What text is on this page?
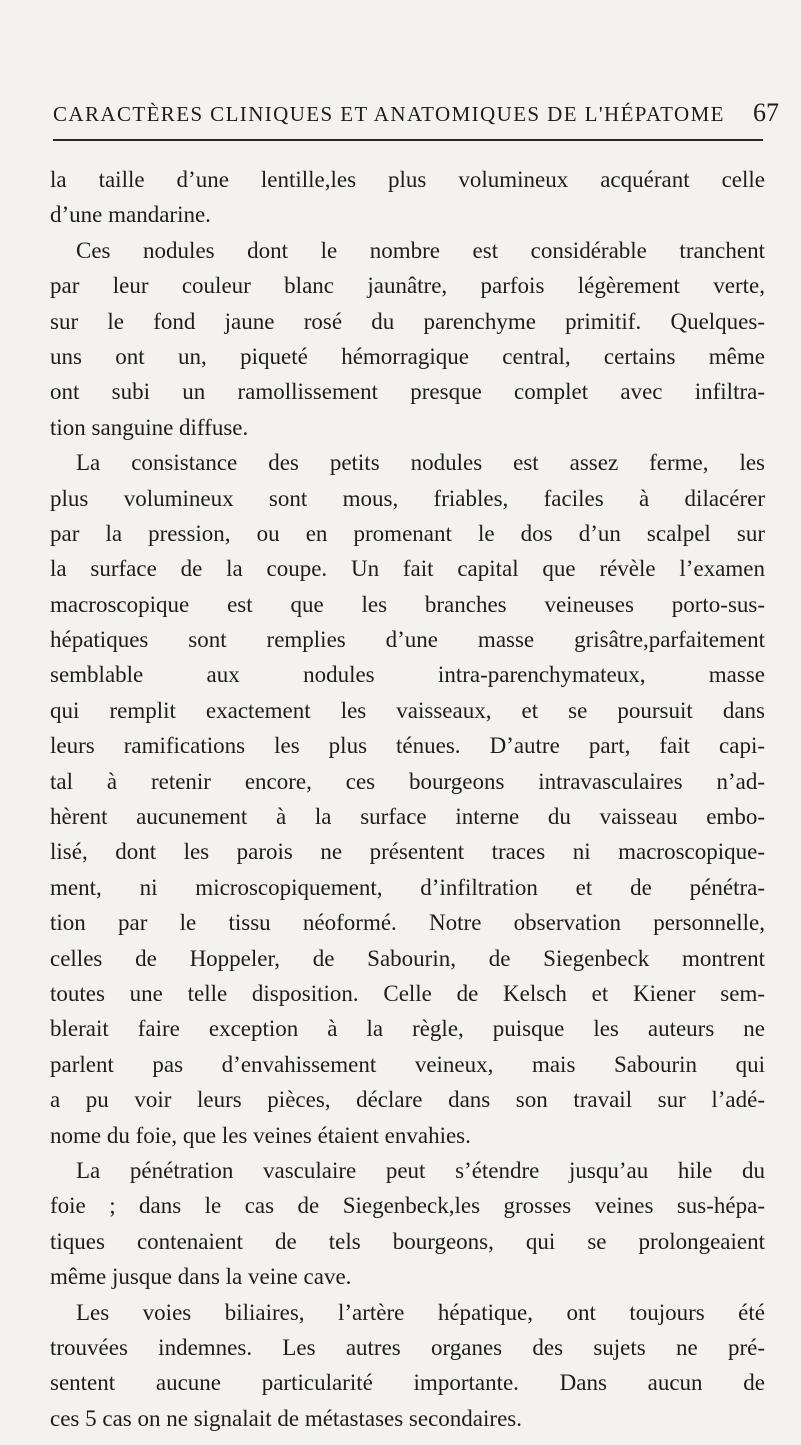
CARACTÈRES CLINIQUES ET ANATOMIQUES DE L'HÉPATOME 67
la taille d’une lentille,les plus volumineux acquérant celle
d’une mandarine.
Ces nodules dont le nombre est considérable tranchent
par leur couleur blanc jaunâtre, parfois légèrement verte,
sur le fond jaune rosé du parenchyme primitif. Quelques-
uns ont un, piqueté hémorragique central, certains même
ont subi un ramollissement presque complet avec infiltra-
tion sanguine diffuse.
La consistance des petits nodules est assez ferme, les
plus volumineux sont mous, friables, faciles à dilacérer
par la pression, ou en promenant le dos d’un scalpel sur
la surface de la coupe. Un fait capital que révèle l’examen
macroscopique est que les branches veineuses porto-sus-
hépatiques sont remplies d’une masse grisâtre,parfaitement
semblable aux nodules intra-parenchymateux, masse
qui remplit exactement les vaisseaux, et se poursuit dans
leurs ramifications les plus ténues. D’autre part, fait capi-
tal à retenir encore, ces bourgeons intravasculaires n’ad-
hèrent aucunement à la surface interne du vaisseau embo-
lisé, dont les parois ne présentent traces ni macroscopique-
ment, ni microscopiquement, d’infiltration et de pénétra-
tion par le tissu néoformé. Notre observation personnelle,
celles de Hoppeler, de Sabourin, de Siegenbeck montrent
toutes une telle disposition. Celle de Kelsch et Kiener sem-
blerait faire exception à la règle, puisque les auteurs ne
parlent pas d’envahissement veineux, mais Sabourin qui
a pu voir leurs pièces, déclare dans son travail sur l’adé-
nome du foie, que les veines étaient envahies.
La pénétration vasculaire peut s’étendre jusqu’au hile du
foie ; dans le cas de Siegenbeck,les grosses veines sus-hépa-
tiques contenaient de tels bourgeons, qui se prolongeaient
même jusque dans la veine cave.
Les voies biliaires, l’artère hépatique, ont toujours été
trouvées indemnes. Les autres organes des sujets ne pré-
sentent aucune particularité importante. Dans aucun de
ces 5 cas on ne signalait de métastases secondaires.
